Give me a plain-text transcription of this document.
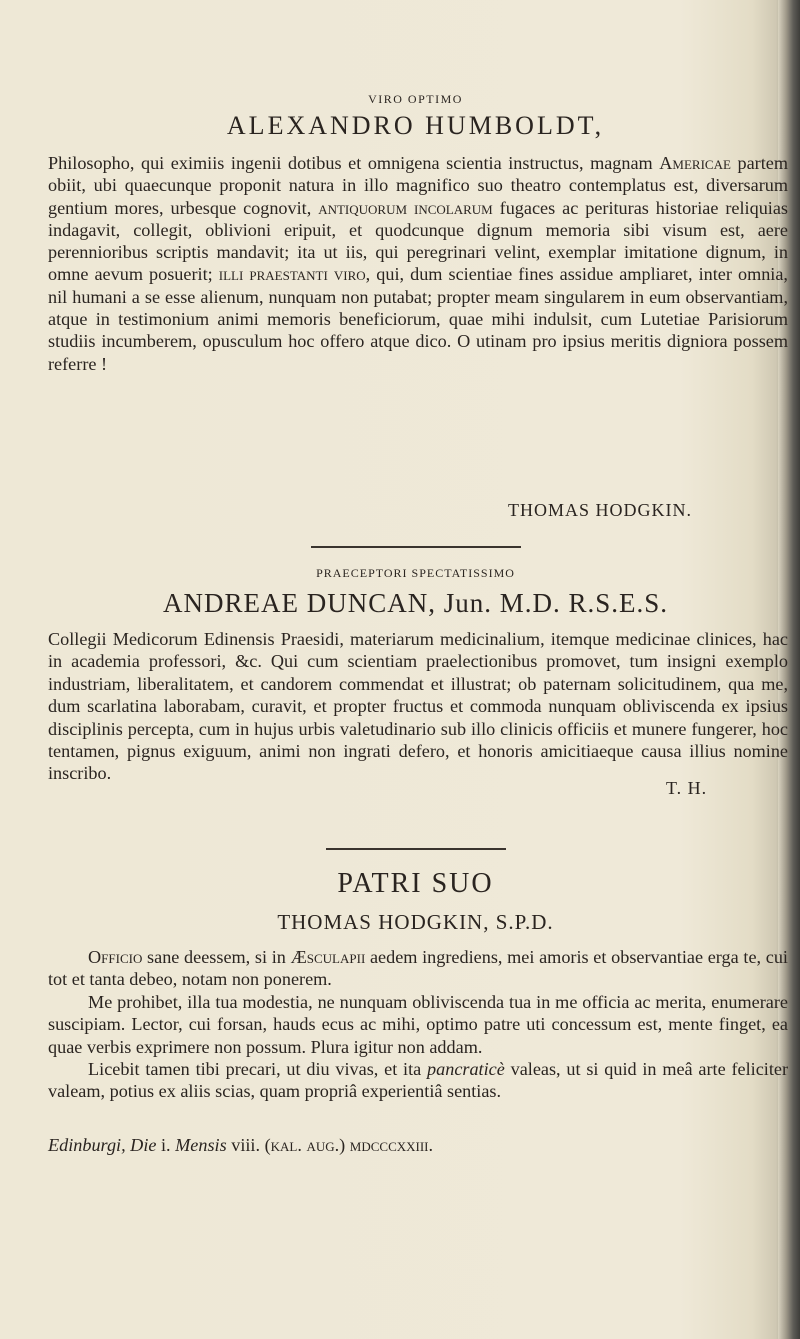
VIRO OPTIMO

ALEXANDRO HUMBOLDT,

Philosopho, qui eximiis ingenii dotibus et omnigena scientia instructus, magnam Americae partem obiit, ubi quaecunque proponit natura in illo magnifico suo theatro contemplatus est, diversarum gentium mores, urbesque cognovit, antiquorum incolarum fugaces ac perituras historiae reliquias indagavit, collegit, oblivioni eripuit, et quodcunque dignum memoria sibi visum est, aere perennioribus scriptis mandavit; ita ut iis, qui peregrinari velint, exemplar imitatione dignum, in omne aevum posuerit; illi praestanti viro, qui, dum scientiae fines assidue ampliaret, inter omnia, nil humani a se esse alienum, nunquam non putabat; propter meam singularem in eum observantiam, atque in testimonium animi memoris beneficiorum, quae mihi indulsit, cum Lutetiae Parisiorum studiis incumberem, opusculum hoc offero atque dico. O utinam pro ipsius meritis digniora possem referre !

THOMAS HODGKIN.

PRAECEPTORI SPECTATISSIMO

ANDREAE DUNCAN, Jun. M.D. R.S.E.S.

Collegii Medicorum Edinensis Praesidi, materiarum medicinalium, itemque medicinae clinices, hac in academia professori, &c. Qui cum scientiam praelectionibus promovet, tum insigni exemplo industriam, liberalitatem, et candorem commendat et illustrat; ob paternam solicitudinem, qua me, dum scarlatina laborabam, curavit, et propter fructus et commoda nunquam obliviscenda ex ipsius disciplinis percepta, cum in hujus urbis valetudinario sub illo clinicis officiis et munere fungerer, hoc tentamen, pignus exiguum, animi non ingrati defero, et honoris amicitiaeque causa illius nomine inscribo.

T. H.

PATRI SUO

THOMAS HODGKIN, S.P.D.

Officio sane deessem, si in Æsculapii aedem ingrediens, mei amoris et observantiae erga te, cui tot et tanta debeo, notam non ponerem.

Me prohibet, illa tua modestia, ne nunquam obliviscenda tua in me officia ac merita, enumerare suscipiam. Lector, cui forsan, hauds ecus ac mihi, optimo patre uti concessum est, mente finget, ea quae verbis exprimere non possum. Plura igitur non addam.

Licebit tamen tibi precari, ut diu vivas, et ita pancraticè valeas, ut si quid in meâ arte feliciter valeam, potius ex aliis scias, quam propriâ experientiâ sentias.

Edinburgi, Die i. Mensis viii. (kal. aug.) mdcccxxiii.
